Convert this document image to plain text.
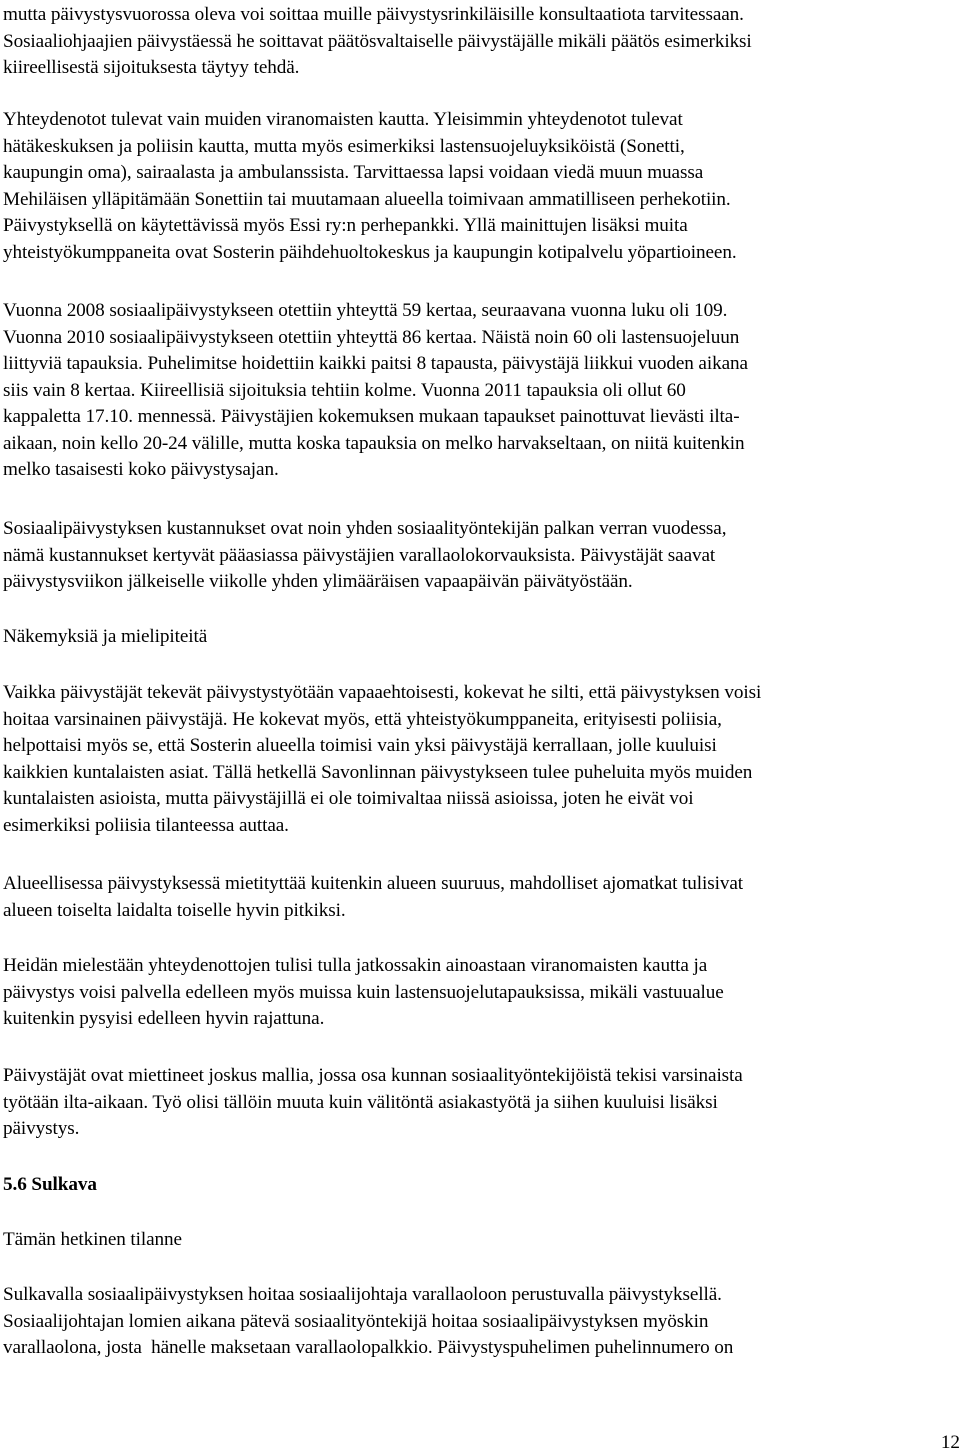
mutta päivystysvuorossa oleva voi soittaa muille päivystysrinkiläisille konsultaatiota tarvitessaan.
Sosiaaliohjaajien päivystäessä he soittavat päätösvaltaiselle päivystäjälle mikäli päätös esimerkiksi
kiireellisestä sijoituksesta täytyy tehdä.

Yhteydenotot tulevat vain muiden viranomaisten kautta. Yleisimmin yhteydenotot tulevat
hätäkeskuksen ja poliisin kautta, mutta myös esimerkiksi lastensuojeluyksiköistä (Sonetti,
kaupungin oma), sairaalasta ja ambulanssista. Tarvittaessa lapsi voidaan viedä muun muassa
Mehiläisen ylläpitämään Sonettiin tai muutamaan alueella toimivaan ammatilliseen perhekotiin.
Päivystyksellä on käytettävissä myös Essi ry:n perhepankki. Yllä mainittujen lisäksi muita
yhteistyökumppaneita ovat Sosterin päihdehuoltokeskus ja kaupungin kotipalvelu yöpartioineen.

Vuonna 2008 sosiaalipäivystykseen otettiin yhteyttä 59 kertaa, seuraavana vuonna luku oli 109.
Vuonna 2010 sosiaalipäivystykseen otettiin yhteyttä 86 kertaa. Näistä noin 60 oli lastensuojeluun
liittyviä tapauksia. Puhelimitse hoidettiin kaikki paitsi 8 tapausta, päivystäjä liikkui vuoden aikana
siis vain 8 kertaa. Kiireellisiä sijoituksia tehtiin kolme. Vuonna 2011 tapauksia oli ollut 60
kappaletta 17.10. mennessä. Päivystäjien kokemuksen mukaan tapaukset painottuvat lievästi ilta-
aikaan, noin kello 20-24 välille, mutta koska tapauksia on melko harvakseltaan, on niitä kuitenkin
melko tasaisesti koko päivystysajan.

Sosiaalipäivystyksen kustannukset ovat noin yhden sosiaalityöntekijän palkan verran vuodessa,
nämä kustannukset kertyvät pääasiassa päivystäjien varallaolokorvauksista. Päivystäjät saavat
päivystysviikon jälkeiselle viikolle yhden ylimääräisen vapaapäivän päivätyöstään.

Näkemyksiä ja mielipiteitä

Vaikka päivystäjät tekevät päivystystyötään vapaaehtoisesti, kokevat he silti, että päivystyksen voisi
hoitaa varsinainen päivystäjä. He kokevat myös, että yhteistyökumppaneita, erityisesti poliisia,
helpottaisi myös se, että Sosterin alueella toimisi vain yksi päivystäjä kerrallaan, jolle kuuluisi
kaikkien kuntalaisten asiat. Tällä hetkellä Savonlinnan päivystykseen tulee puheluita myös muiden
kuntalaisten asioista, mutta päivystäjillä ei ole toimivaltaa niissä asioissa, joten he eivät voi
esimerkiksi poliisia tilanteessa auttaa.

Alueellisessa päivystyksessä mietityttää kuitenkin alueen suuruus, mahdolliset ajomatkat tulisivat
alueen toiselta laidalta toiselle hyvin pitkiksi.

Heidän mielestään yhteydenottojen tulisi tulla jatkossakin ainoastaan viranomaisten kautta ja
päivystys voisi palvella edelleen myös muissa kuin lastensuojelutapauksissa, mikäli vastuualue
kuitenkin pysyisi edelleen hyvin rajattuna.

Päivystäjät ovat miettineet joskus mallia, jossa osa kunnan sosiaalityöntekijöistä tekisi varsinaista
työtään ilta-aikaan. Työ olisi tällöin muuta kuin välitöntä asiakastyötä ja siihen kuuluisi lisäksi
päivystys.

5.6 Sulkava

Tämän hetkinen tilanne

Sulkavalla sosiaalipäivystyksen hoitaa sosiaalijohtaja varallaoloon perustuvalla päivystyksellä.
Sosiaalijohtajan lomien aikana pätevä sosiaalityöntekijä hoitaa sosiaalipäivystyksen myöskin
varallaolona, josta  hänelle maksetaan varallaolopalkkio. Päivystyspuhelimen puhelinnumero on

12
